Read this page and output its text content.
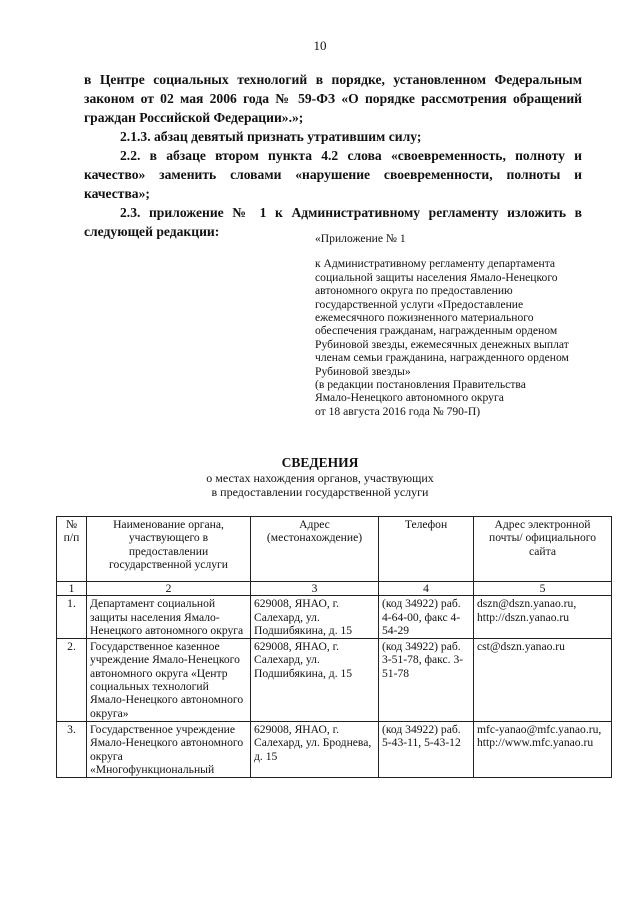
10

в Центре социальных технологий в порядке, установленном Федеральным законом от 02 мая 2006 года № 59-ФЗ «О порядке рассмотрения обращений граждан Российской Федерации».»;

2.1.3. абзац девятый признать утратившим силу;

2.2. в абзаце втором пункта 4.2 слова «своевременность, полноту и качество» заменить словами «нарушение своевременности, полноты и качества»;

2.3. приложение № 1 к Административному регламенту изложить в следующей редакции:	«Приложение № 1
к Административному регламенту департамента
социальной защиты населения Ямало-Ненецкого
автономного округа по предоставлению
государственной услуги «Предоставление
ежемесячного пожизненного материального
обеспечения гражданам, награжденным орденом
Рубиновой звезды, ежемесячных денежных выплат
членам семьи гражданина, награжденного орденом
Рубиновой звезды»
(в редакции постановления Правительства
Ямало-Ненецкого автономного округа
от 18 августа 2016 года № 790-П)
СВЕДЕНИЯ
о местах нахождения органов, участвующих
в предоставлении государственной услуги
№ п/п	Наименование органа, участвующего в предоставлении государственной услуги	Адрес (местонахождение)	Телефон	Адрес электронной почты/ официального сайта
1	2	3	4	5
1.	Департамент социальной защиты населения Ямало-Ненецкого автономного округа	629008, ЯНАО, г. Салехард, ул. Подшибякина, д. 15	(код 34922) раб. 4-64-00, факс 4-54-29	dszn@dszn.yanao.ru, http://dszn.yanao.ru
2.	Государственное казенное учреждение Ямало-Ненецкого автономного округа «Центр социальных технологий Ямало-Ненецкого автономного округа»	629008, ЯНАО, г. Салехард, ул. Подшибякина, д. 15	(код 34922) раб. 3-51-78, факс. 3-51-78	cst@dszn.yanao.ru
3.	Государственное учреждение Ямало-Ненецкого автономного округа «Многофункциональный	629008, ЯНАО, г. Салехард, ул. Броднева, д. 15	(код 34922) раб. 5-43-11, 5-43-12	mfc-yanao@mfc.yanao.ru, http://www.mfc.yanao.ru
